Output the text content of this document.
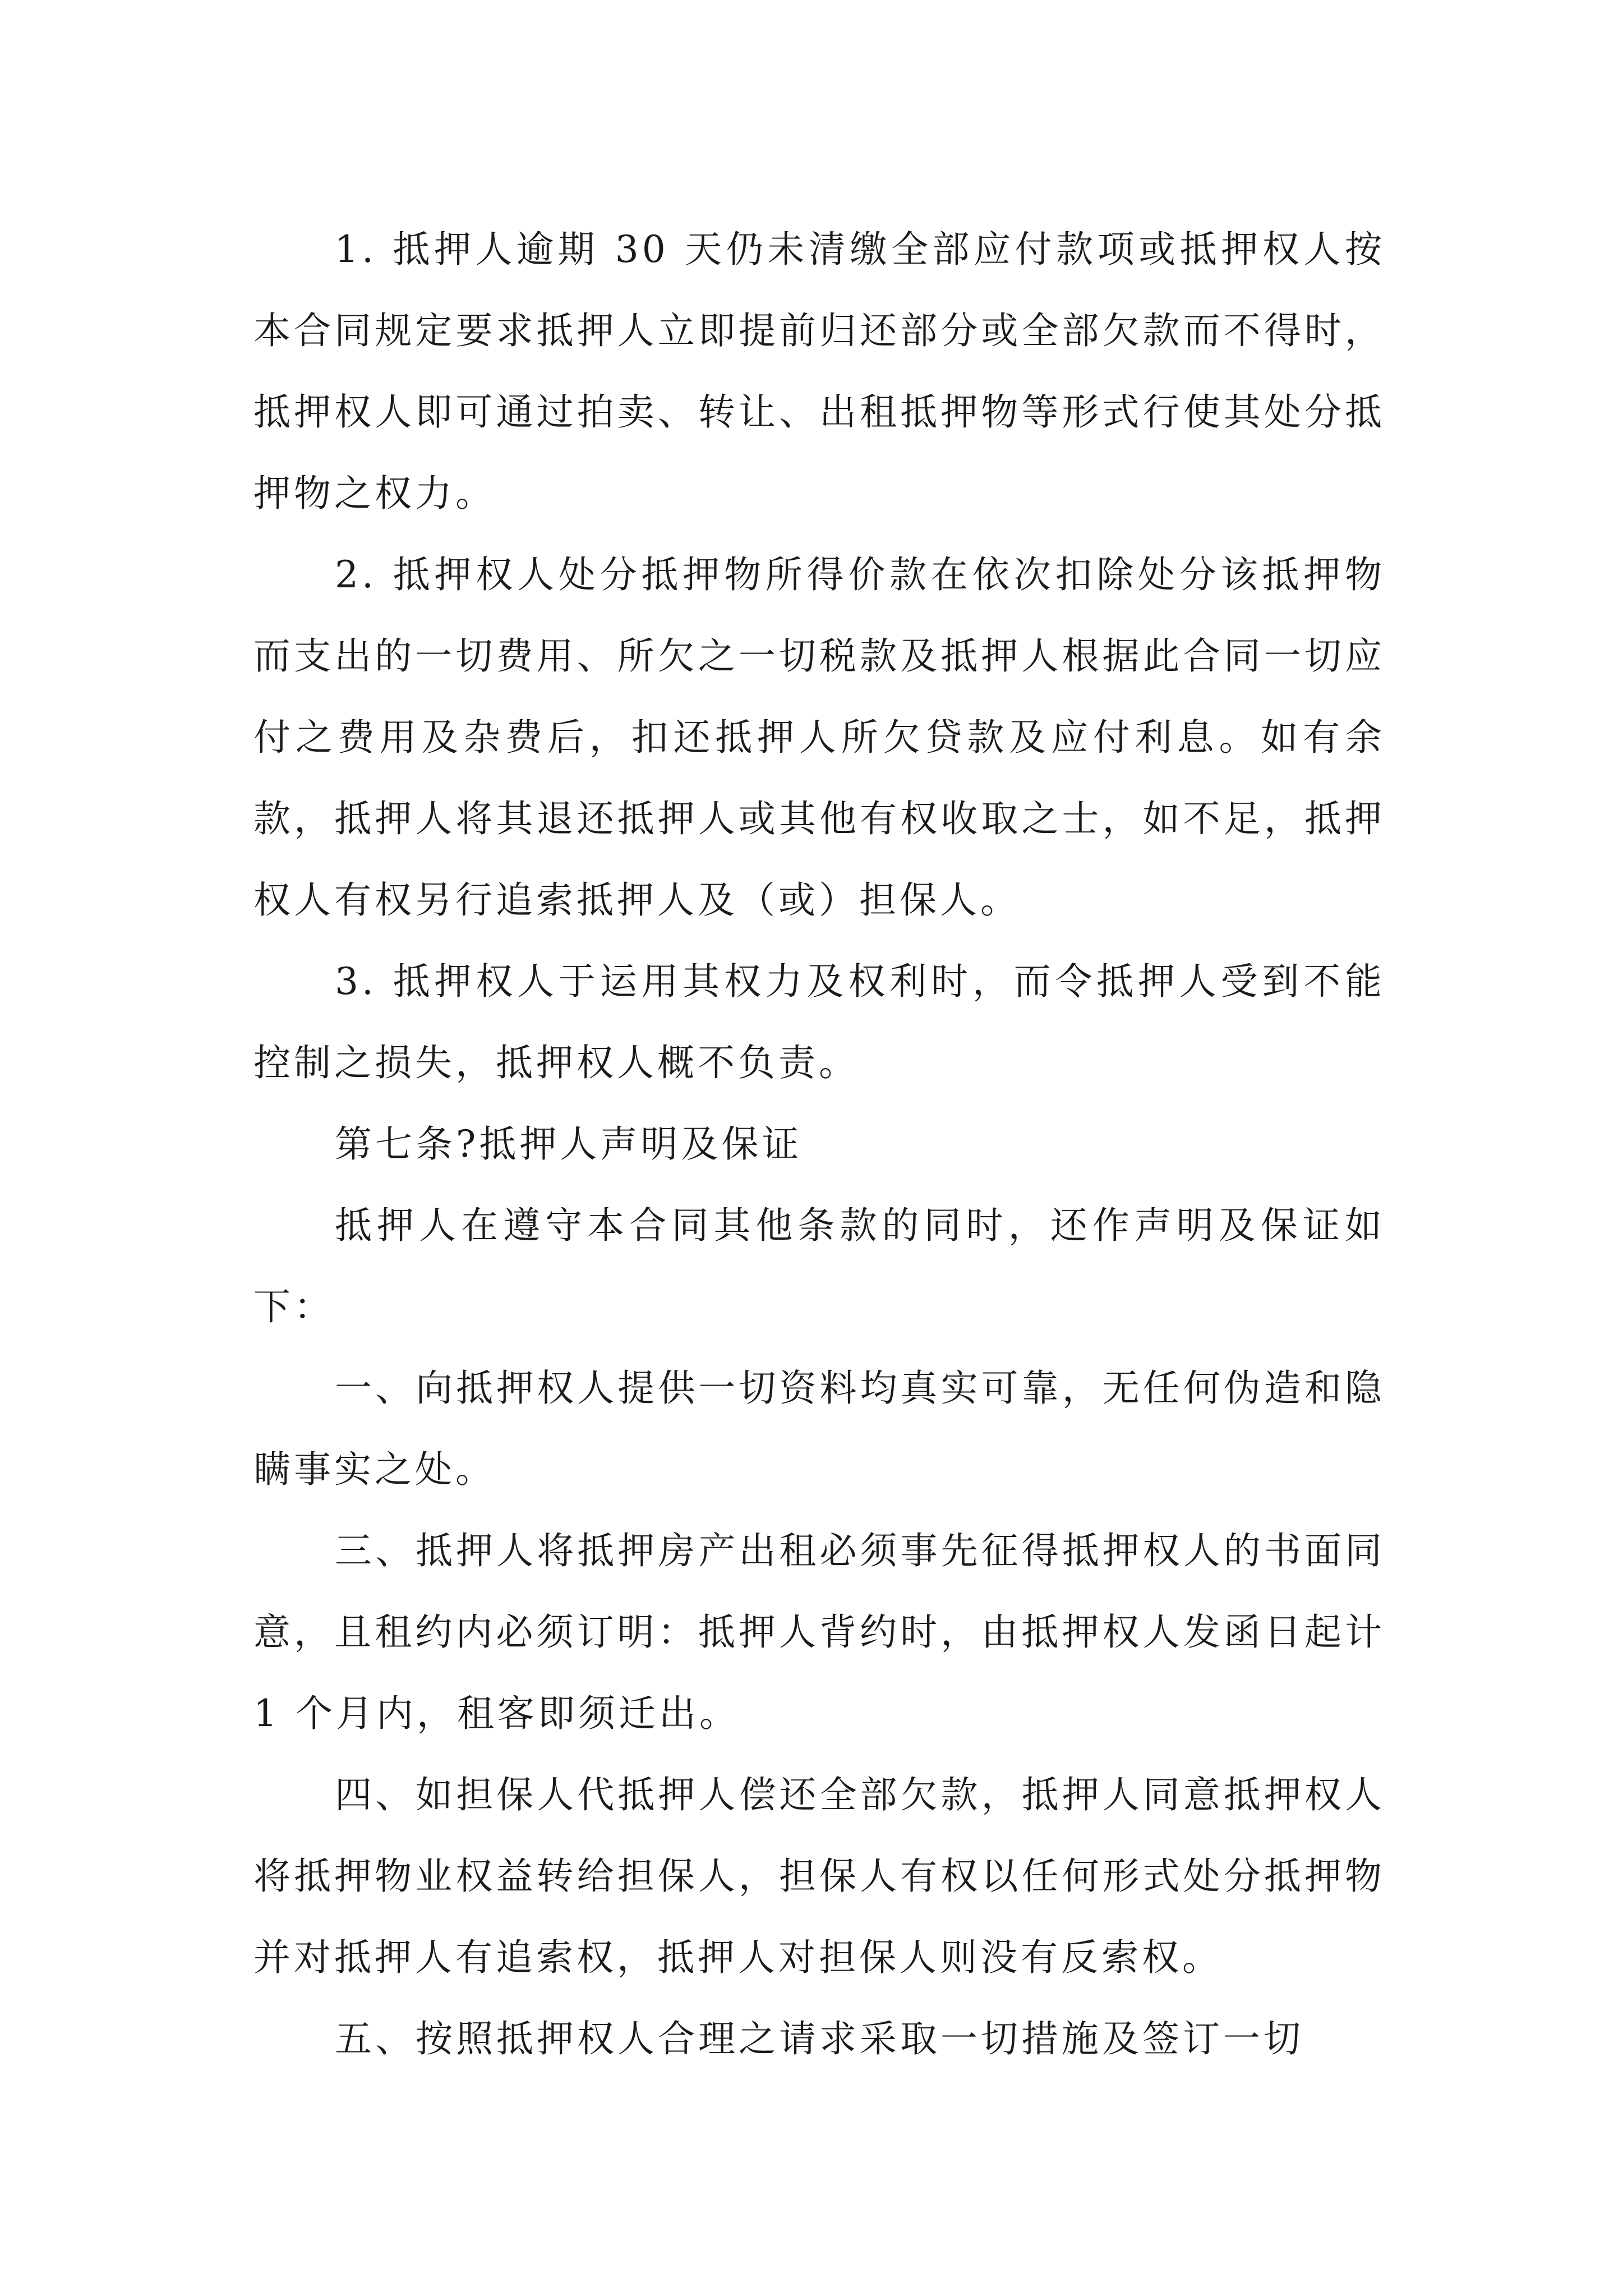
1. 抵押人逾期 30 天仍未清缴全部应付款项或抵押权人按本合同规定要求抵押人立即提前归还部分或全部欠款而不得时，抵押权人即可通过拍卖、转让、出租抵押物等形式行使其处分抵押物之权力。

2. 抵押权人处分抵押物所得价款在依次扣除处分该抵押物而支出的一切费用、所欠之一切税款及抵押人根据此合同一切应付之费用及杂费后，扣还抵押人所欠贷款及应付利息。如有余款，抵押人将其退还抵押人或其他有权收取之士，如不足，抵押权人有权另行追索抵押人及（或）担保人。

3. 抵押权人于运用其权力及权利时，而令抵押人受到不能控制之损失，抵押权人概不负责。

第七条?抵押人声明及保证

抵押人在遵守本合同其他条款的同时，还作声明及保证如下：

一、向抵押权人提供一切资料均真实可靠，无任何伪造和隐瞒事实之处。

三、抵押人将抵押房产出租必须事先征得抵押权人的书面同意，且租约内必须订明：抵押人背约时，由抵押权人发函日起计 1 个月内，租客即须迁出。

四、如担保人代抵押人偿还全部欠款，抵押人同意抵押权人将抵押物业权益转给担保人，担保人有权以任何形式处分抵押物并对抵押人有追索权，抵押人对担保人则没有反索权。

五、按照抵押权人合理之请求采取一切措施及签订一切
